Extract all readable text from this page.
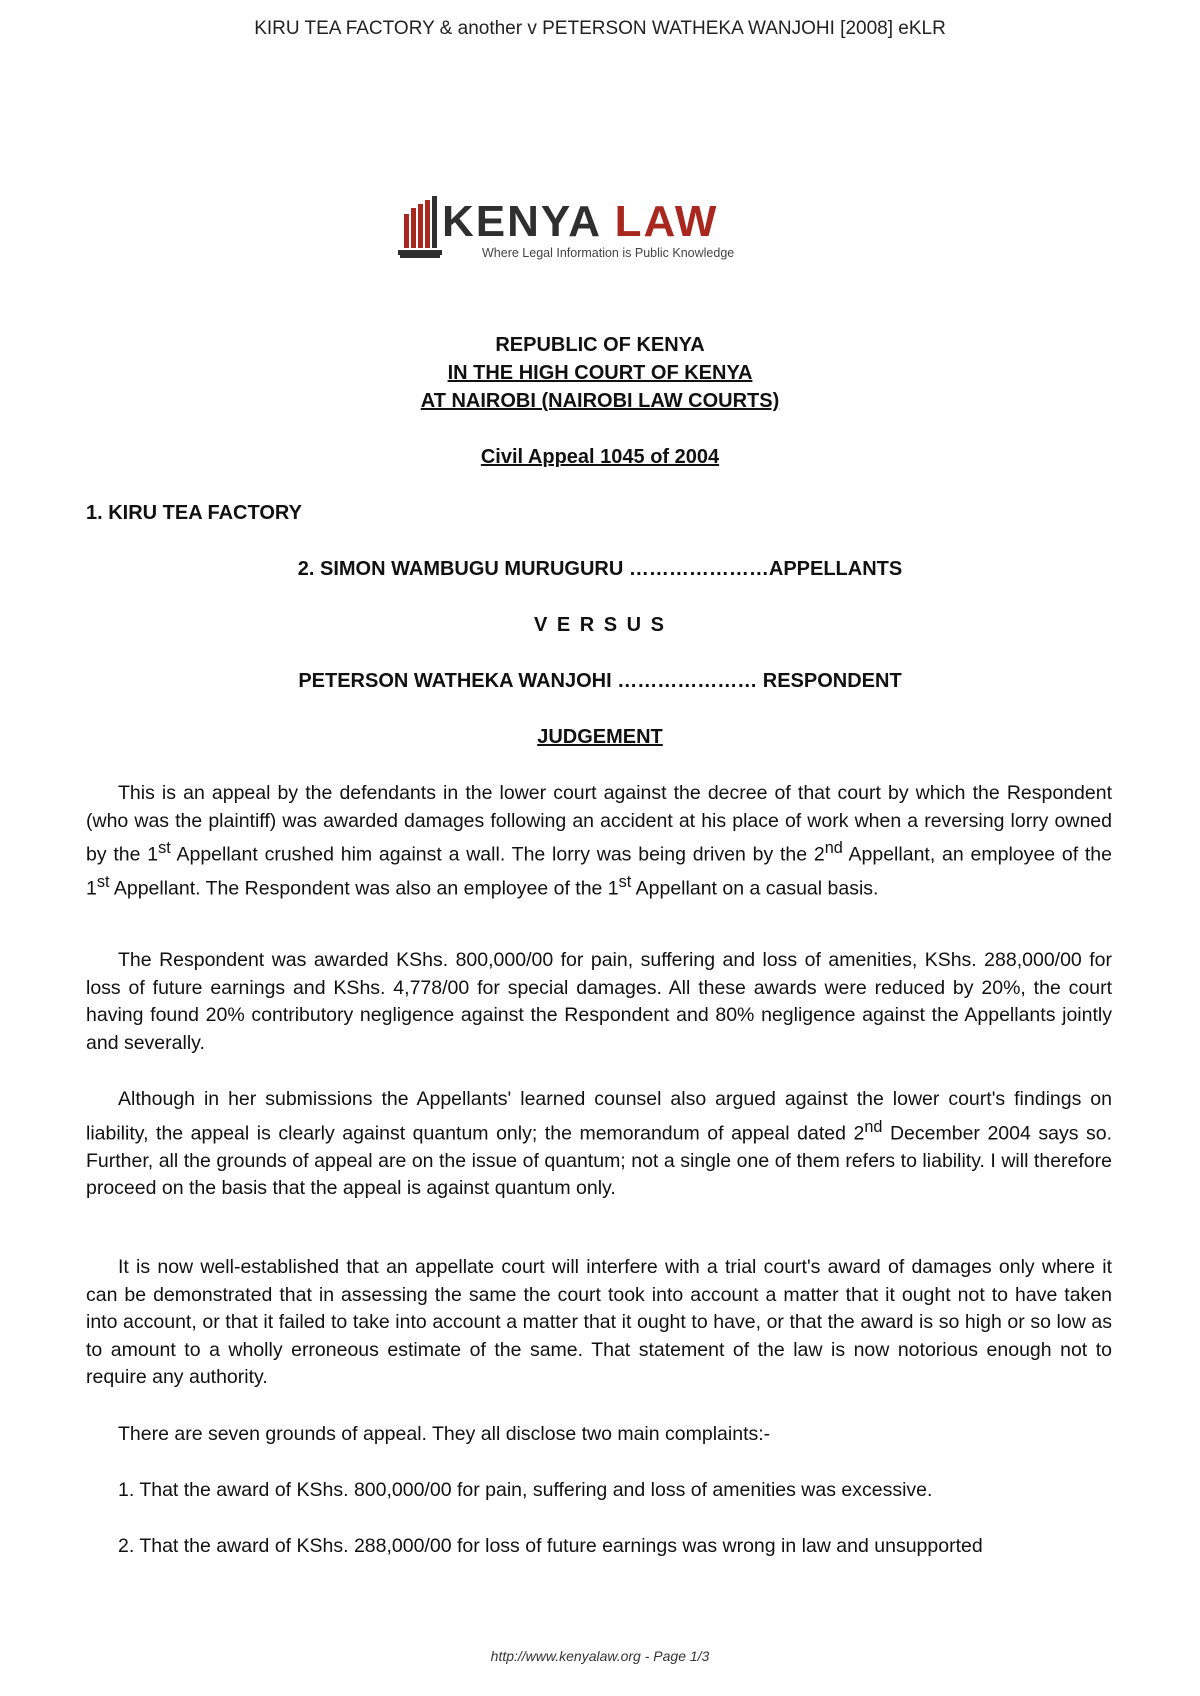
KIRU TEA FACTORY & another v PETERSON WATHEKA WANJOHI [2008] eKLR
KENYA LAW
Where Legal Information is Public Knowledge
REPUBLIC OF KENYA
IN THE HIGH COURT OF KENYA
AT NAIROBI (NAIROBI LAW COURTS)
Civil Appeal 1045 of 2004
1. KIRU TEA FACTORY
2. SIMON WAMBUGU MURUGURU …………………APPELLANTS
V E R S U S
PETERSON WATHEKA WANJOHI ………………… RESPONDENT
JUDGEMENT

This is an appeal by the defendants in the lower court against the decree of that court by which the Respondent (who was the plaintiff) was awarded damages following an accident at his place of work when a reversing lorry owned by the 1st Appellant crushed him against a wall. The lorry was being driven by the 2nd Appellant, an employee of the 1st Appellant. The Respondent was also an employee of the 1st Appellant on a casual basis.

The Respondent was awarded KShs. 800,000/00 for pain, suffering and loss of amenities, KShs. 288,000/00 for loss of future earnings and KShs. 4,778/00 for special damages. All these awards were reduced by 20%, the court having found 20% contributory negligence against the Respondent and 80% negligence against the Appellants jointly and severally.

Although in her submissions the Appellants' learned counsel also argued against the lower court's findings on liability, the appeal is clearly against quantum only; the memorandum of appeal dated 2nd December 2004 says so. Further, all the grounds of appeal are on the issue of quantum; not a single one of them refers to liability. I will therefore proceed on the basis that the appeal is against quantum only.

It is now well-established that an appellate court will interfere with a trial court's award of damages only where it can be demonstrated that in assessing the same the court took into account a matter that it ought not to have taken into account, or that it failed to take into account a matter that it ought to have, or that the award is so high or so low as to amount to a wholly erroneous estimate of the same. That statement of the law is now notorious enough not to require any authority.

There are seven grounds of appeal. They all disclose two main complaints:-

1. That the award of KShs. 800,000/00 for pain, suffering and loss of amenities was excessive.

2. That the award of KShs. 288,000/00 for loss of future earnings was wrong in law and unsupported

http://www.kenyalaw.org - Page 1/3
